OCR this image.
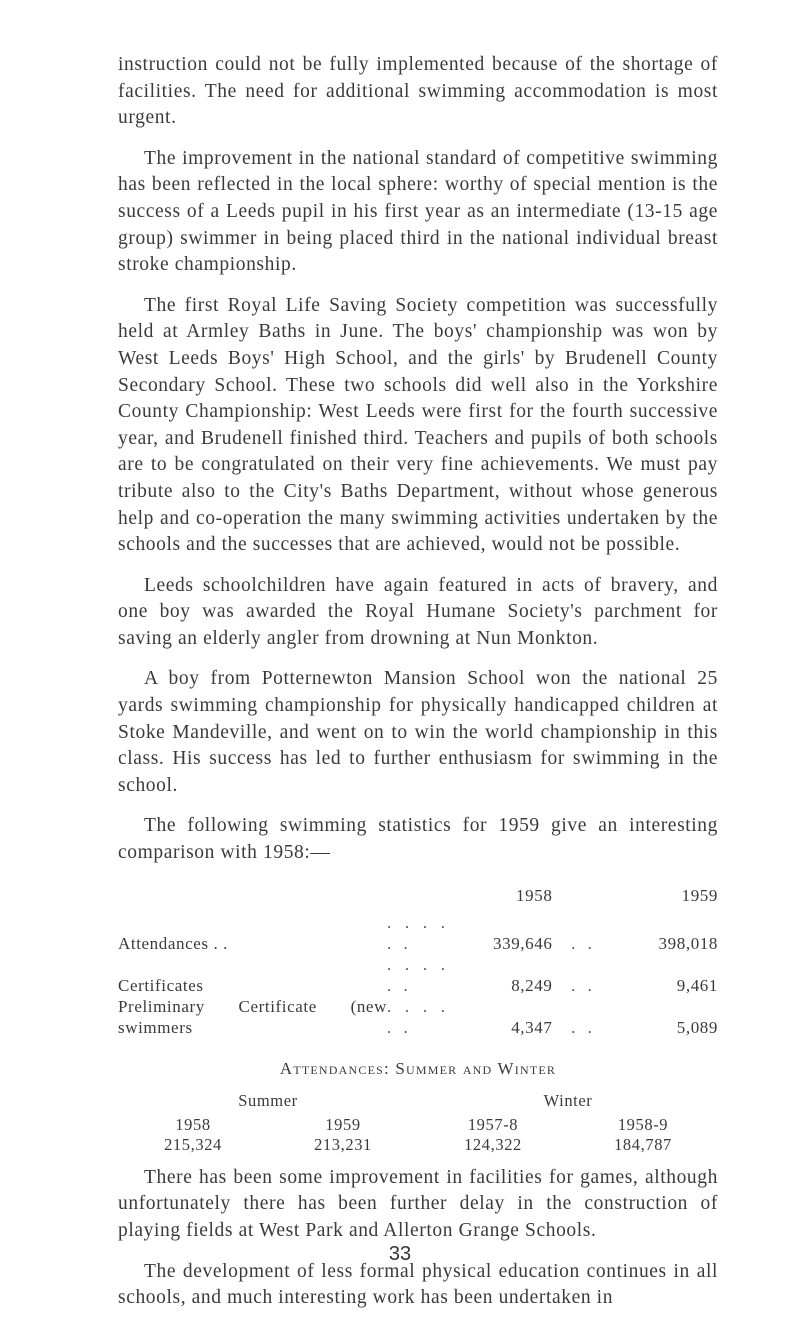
instruction could not be fully implemented because of the shortage of facilities. The need for additional swimming accommodation is most urgent.

The improvement in the national standard of competitive swimming has been reflected in the local sphere: worthy of special mention is the success of a Leeds pupil in his first year as an intermediate (13-15 age group) swimmer in being placed third in the national individual breast stroke championship.

The first Royal Life Saving Society competition was successfully held at Armley Baths in June. The boys' championship was won by West Leeds Boys' High School, and the girls' by Brudenell County Secondary School. These two schools did well also in the Yorkshire County Championship: West Leeds were first for the fourth successive year, and Brudenell finished third. Teachers and pupils of both schools are to be congratulated on their very fine achievements. We must pay tribute also to the City's Baths Department, without whose generous help and co-operation the many swimming activities undertaken by the schools and the successes that are achieved, would not be possible.

Leeds schoolchildren have again featured in acts of bravery, and one boy was awarded the Royal Humane Society's parchment for saving an elderly angler from drowning at Nun Monkton.

A boy from Potternewton Mansion School won the national 25 yards swimming championship for physically handicapped children at Stoke Mandeville, and went on to win the world championship in this class. His success has led to further enthusiasm for swimming in the school.

The following swimming statistics for 1959 give an interesting comparison with 1958:—

		1958		1959
Attendances . .	. . . . . .	339,646	. .	398,018
Certificates	. . . . . .	8,249	. .	9,461
Preliminary Certificate (new swimmers	. . . . . .	4,347	. .	5,089
Attendances: Summer and Winter
Summer	Winter
1958	1959	1957-8	1958-9
215,324	213,231	124,322	184,787

There has been some improvement in facilities for games, although unfortunately there has been further delay in the construction of playing fields at West Park and Allerton Grange Schools.

The development of less formal physical education continues in all schools, and much interesting work has been undertaken in

33
